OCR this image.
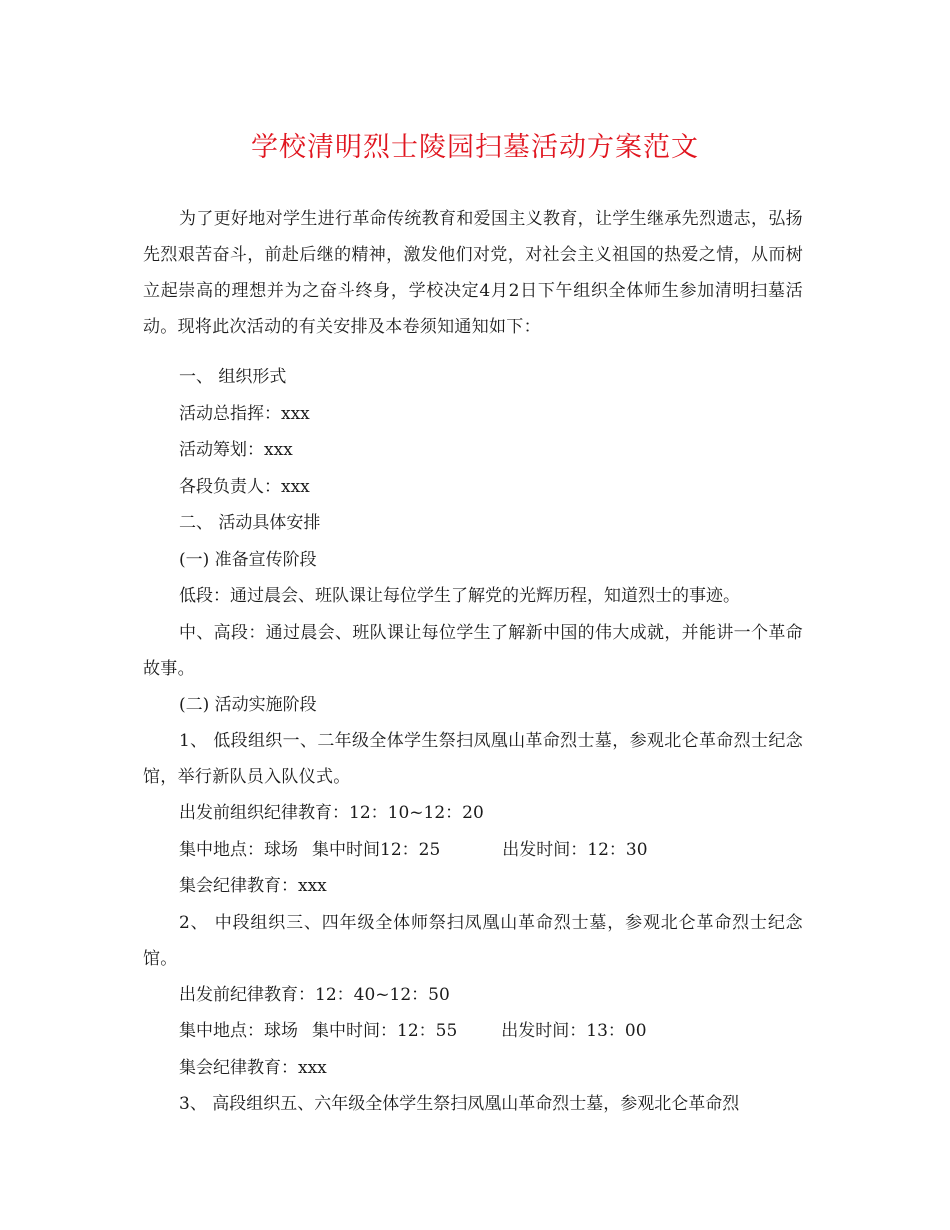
学校清明烈士陵园扫墓活动方案范文

为了更好地对学生进行革命传统教育和爱国主义教育，让学生继承先烈遗志，弘扬先烈艰苦奋斗，前赴后继的精神，激发他们对党，对社会主义祖国的热爱之情，从而树立起崇高的理想并为之奋斗终身，学校决定4月2日下午组织全体师生参加清明扫墓活动。现将此次活动的有关安排及本卷须知通知如下：

一、 组织形式
活动总指挥：xxx
活动筹划：xxx
各段负责人：xxx
二、 活动具体安排
(一) 准备宣传阶段
低段：通过晨会、班队课让每位学生了解党的光辉历程，知道烈士的事迹。

中、高段：通过晨会、班队课让每位学生了解新中国的伟大成就，并能讲一个革命故事。

(二) 活动实施阶段

1、 低段组织一、二年级全体学生祭扫凤凰山革命烈士墓，参观北仑革命烈士纪念馆，举行新队员入队仪式。

出发前组织纪律教育：12：10~12：20
集中地点：球场 集中时间12：25	出发时间：12：30
集会纪律教育：xxx

2、 中段组织三、四年级全体师祭扫凤凰山革命烈士墓，参观北仑革命烈士纪念馆。

出发前纪律教育：12：40~12：50
集中地点：球场 集中时间：12：55	出发时间：13：00
集会纪律教育：xxx
3、 高段组织五、六年级全体学生祭扫凤凰山革命烈士墓，参观北仑革命烈
